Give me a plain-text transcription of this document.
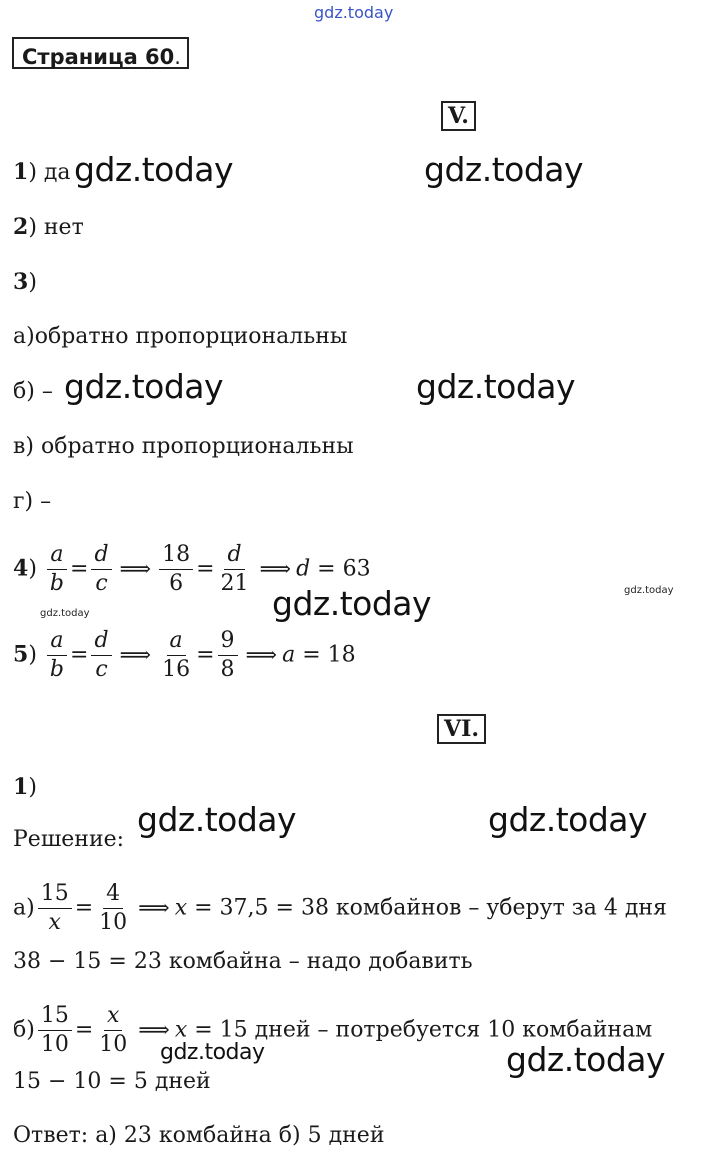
gdz.today
Страница 60.
V.
1) да gdz.today	gdz.today
2) нет
3)
а)обратно пропорциональны
б) – gdz.today	gdz.today
в) обратно пропорциональны
г) –
$4) \frac{a}{b} = \frac{d}{c}$ ⟹ $\frac{18}{6} = \frac{d}{21}$ ⟹ d = 63
gdz.today
gdz.today
gdz.today
$5) \frac{a}{b} = \frac{d}{c}$ ⟹ $\frac{a}{16} = \frac{9}{8}$ ⟹ a = 18
VI.
1)
Решение:
gdz.today	gdz.today
$а) \frac{15}{x} = \frac{4}{10}$ ⟹ x = 37,5 = 38 комбайнов – уберут за 4 дня
38 − 15 = 23 комбайна – надо добавить
$б) \frac{15}{10} = \frac{x}{10}$ ⟹ x = 15 дней – потребуется 10 комбайнам
gdz.today	gdz.today
15 − 10 = 5 дней
Ответ: а) 23 комбайна б) 5 дней
